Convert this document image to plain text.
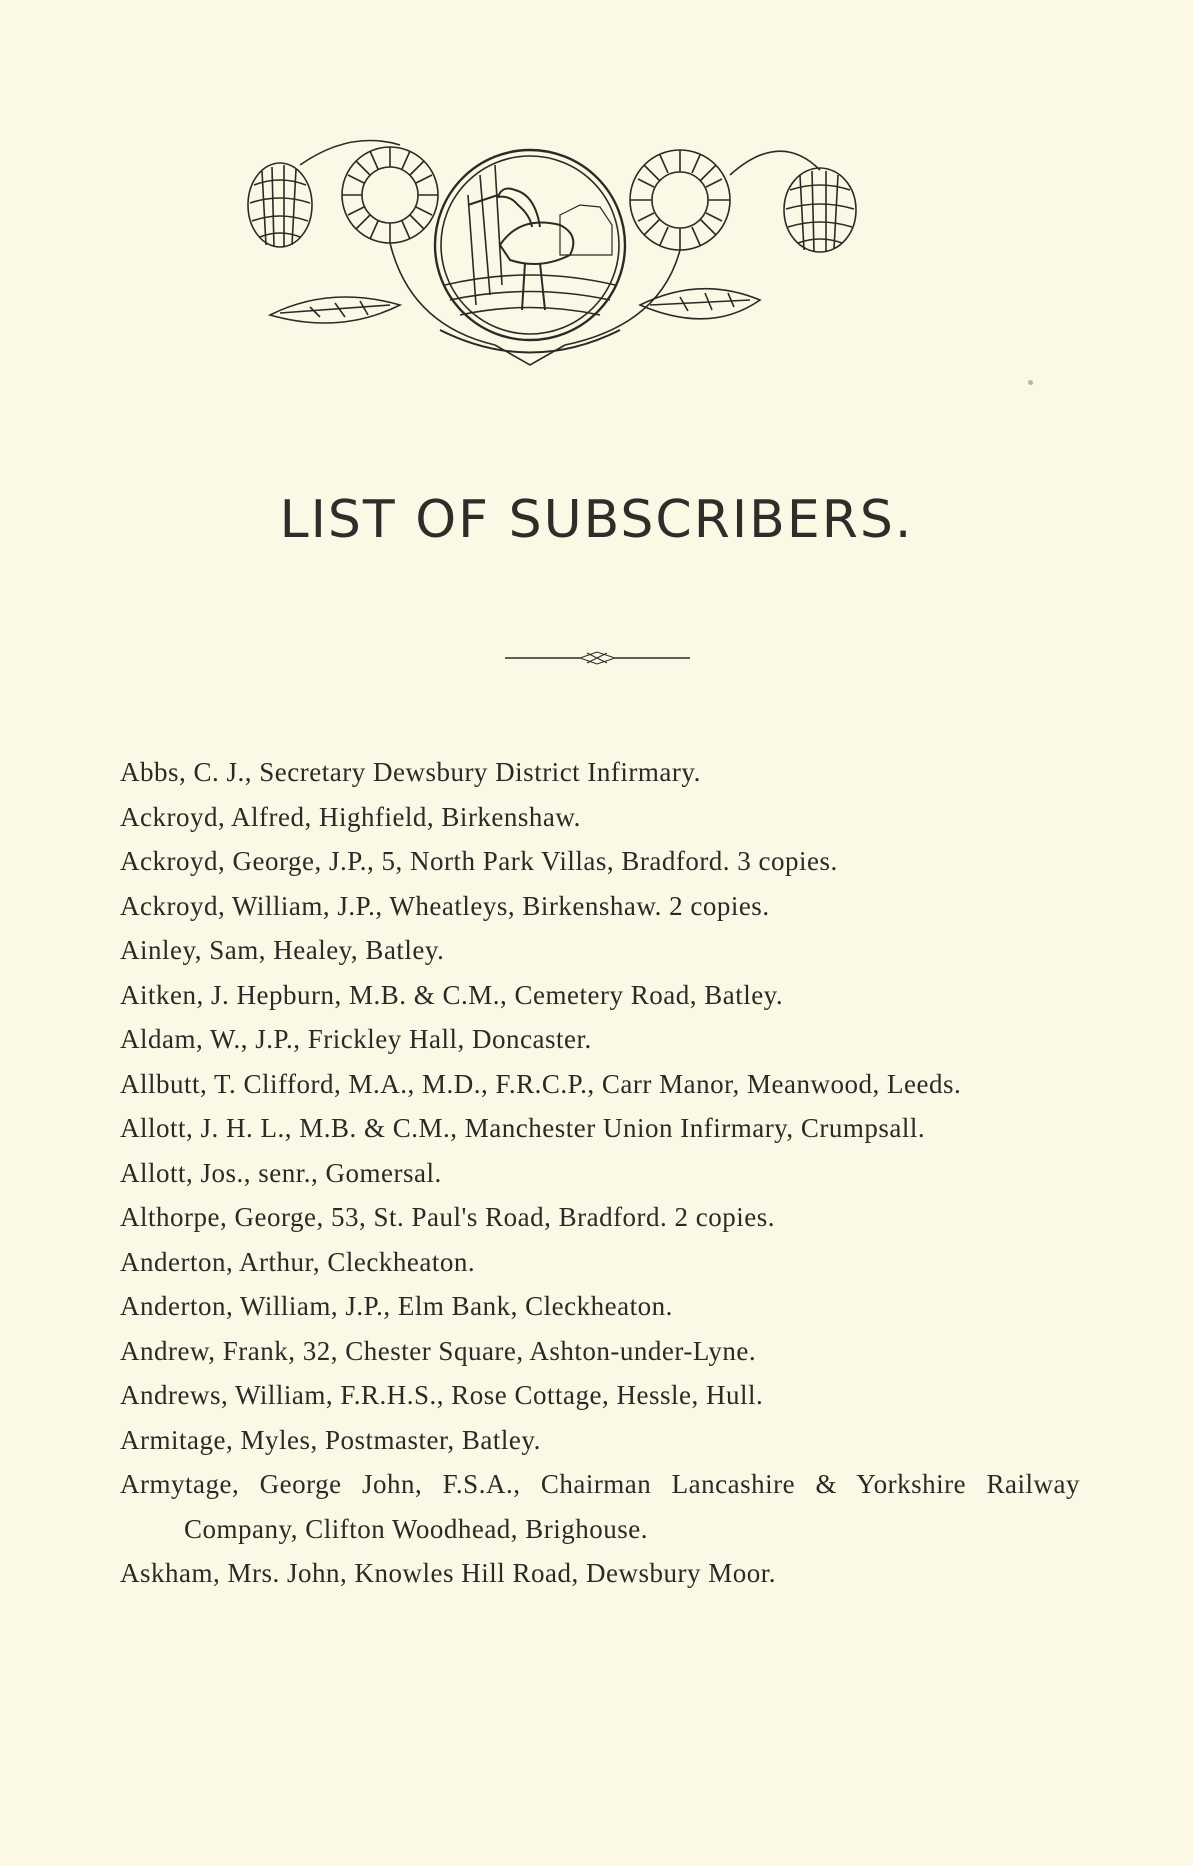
LIST OF SUBSCRIBERS.
Abbs, C. J., Secretary Dewsbury District Infirmary.
Ackroyd, Alfred, Highfield, Birkenshaw.
Ackroyd, George, J.P., 5, North Park Villas, Bradford. 3 copies.
Ackroyd, William, J.P., Wheatleys, Birkenshaw. 2 copies.
Ainley, Sam, Healey, Batley.
Aitken, J. Hepburn, M.B. & C.M., Cemetery Road, Batley.
Aldam, W., J.P., Frickley Hall, Doncaster.
Allbutt, T. Clifford, M.A., M.D., F.R.C.P., Carr Manor, Meanwood, Leeds.
Allott, J. H. L., M.B. & C.M., Manchester Union Infirmary, Crumpsall.
Allott, Jos., senr., Gomersal.
Althorpe, George, 53, St. Paul's Road, Bradford. 2 copies.
Anderton, Arthur, Cleckheaton.
Anderton, William, J.P., Elm Bank, Cleckheaton.
Andrew, Frank, 32, Chester Square, Ashton-under-Lyne.
Andrews, William, F.R.H.S., Rose Cottage, Hessle, Hull.
Armitage, Myles, Postmaster, Batley.
Armytage, George John, F.S.A., Chairman Lancashire & Yorkshire Railway Company, Clifton Woodhead, Brighouse.
Askham, Mrs. John, Knowles Hill Road, Dewsbury Moor.
